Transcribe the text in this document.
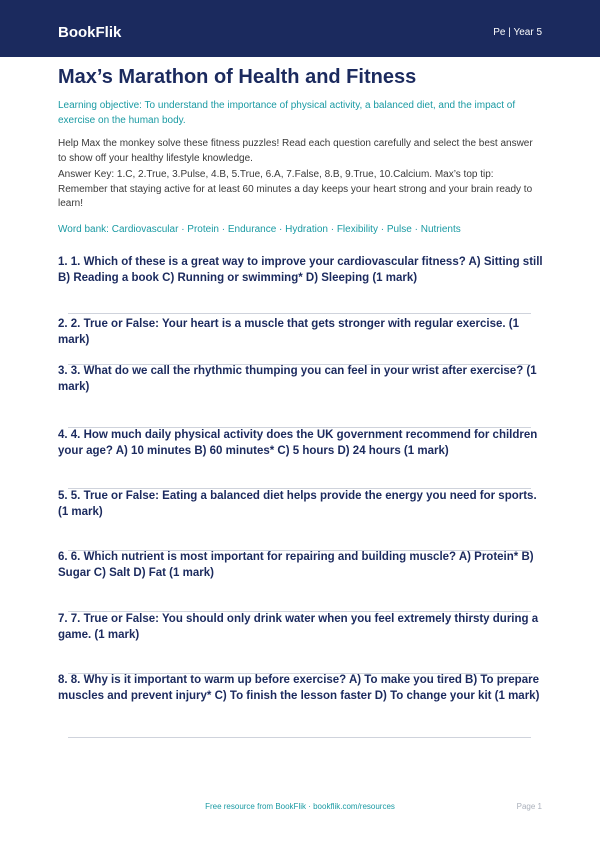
BookFlik	Pe | Year 5
Max’s Marathon of Health and Fitness

Learning objective: To understand the importance of physical activity, a balanced diet, and the impact of exercise on the human body.

Help Max the monkey solve these fitness puzzles! Read each question carefully and select the best answer to show off your healthy lifestyle knowledge.

Answer Key: 1.C, 2.True, 3.Pulse, 4.B, 5.True, 6.A, 7.False, 8.B, 9.True, 10.Calcium. Max’s top tip: Remember that staying active for at least 60 minutes a day keeps your heart strong and your brain ready to learn!

Word bank: Cardiovascular · Protein · Endurance · Hydration · Flexibility · Pulse · Nutrients

1. 1. Which of these is a great way to improve your cardiovascular fitness? A) Sitting still B) Reading a book C) Running or swimming* D) Sleeping (1 mark)

2. 2. True or False: Your heart is a muscle that gets stronger with regular exercise. (1 mark)

3. 3. What do we call the rhythmic thumping you can feel in your wrist after exercise? (1 mark)

4. 4. How much daily physical activity does the UK government recommend for children your age? A) 10 minutes B) 60 minutes* C) 5 hours D) 24 hours (1 mark)

5. 5. True or False: Eating a balanced diet helps provide the energy you need for sports. (1 mark)

6. 6. Which nutrient is most important for repairing and building muscle? A) Protein* B) Sugar C) Salt D) Fat (1 mark)

7. 7. True or False: You should only drink water when you feel extremely thirsty during a game. (1 mark)

8. 8. Why is it important to warm up before exercise? A) To make you tired B) To prepare muscles and prevent injury* C) To finish the lesson faster D) To change your kit (1 mark)

Free resource from BookFlik · bookflik.com/resources	Page 1
